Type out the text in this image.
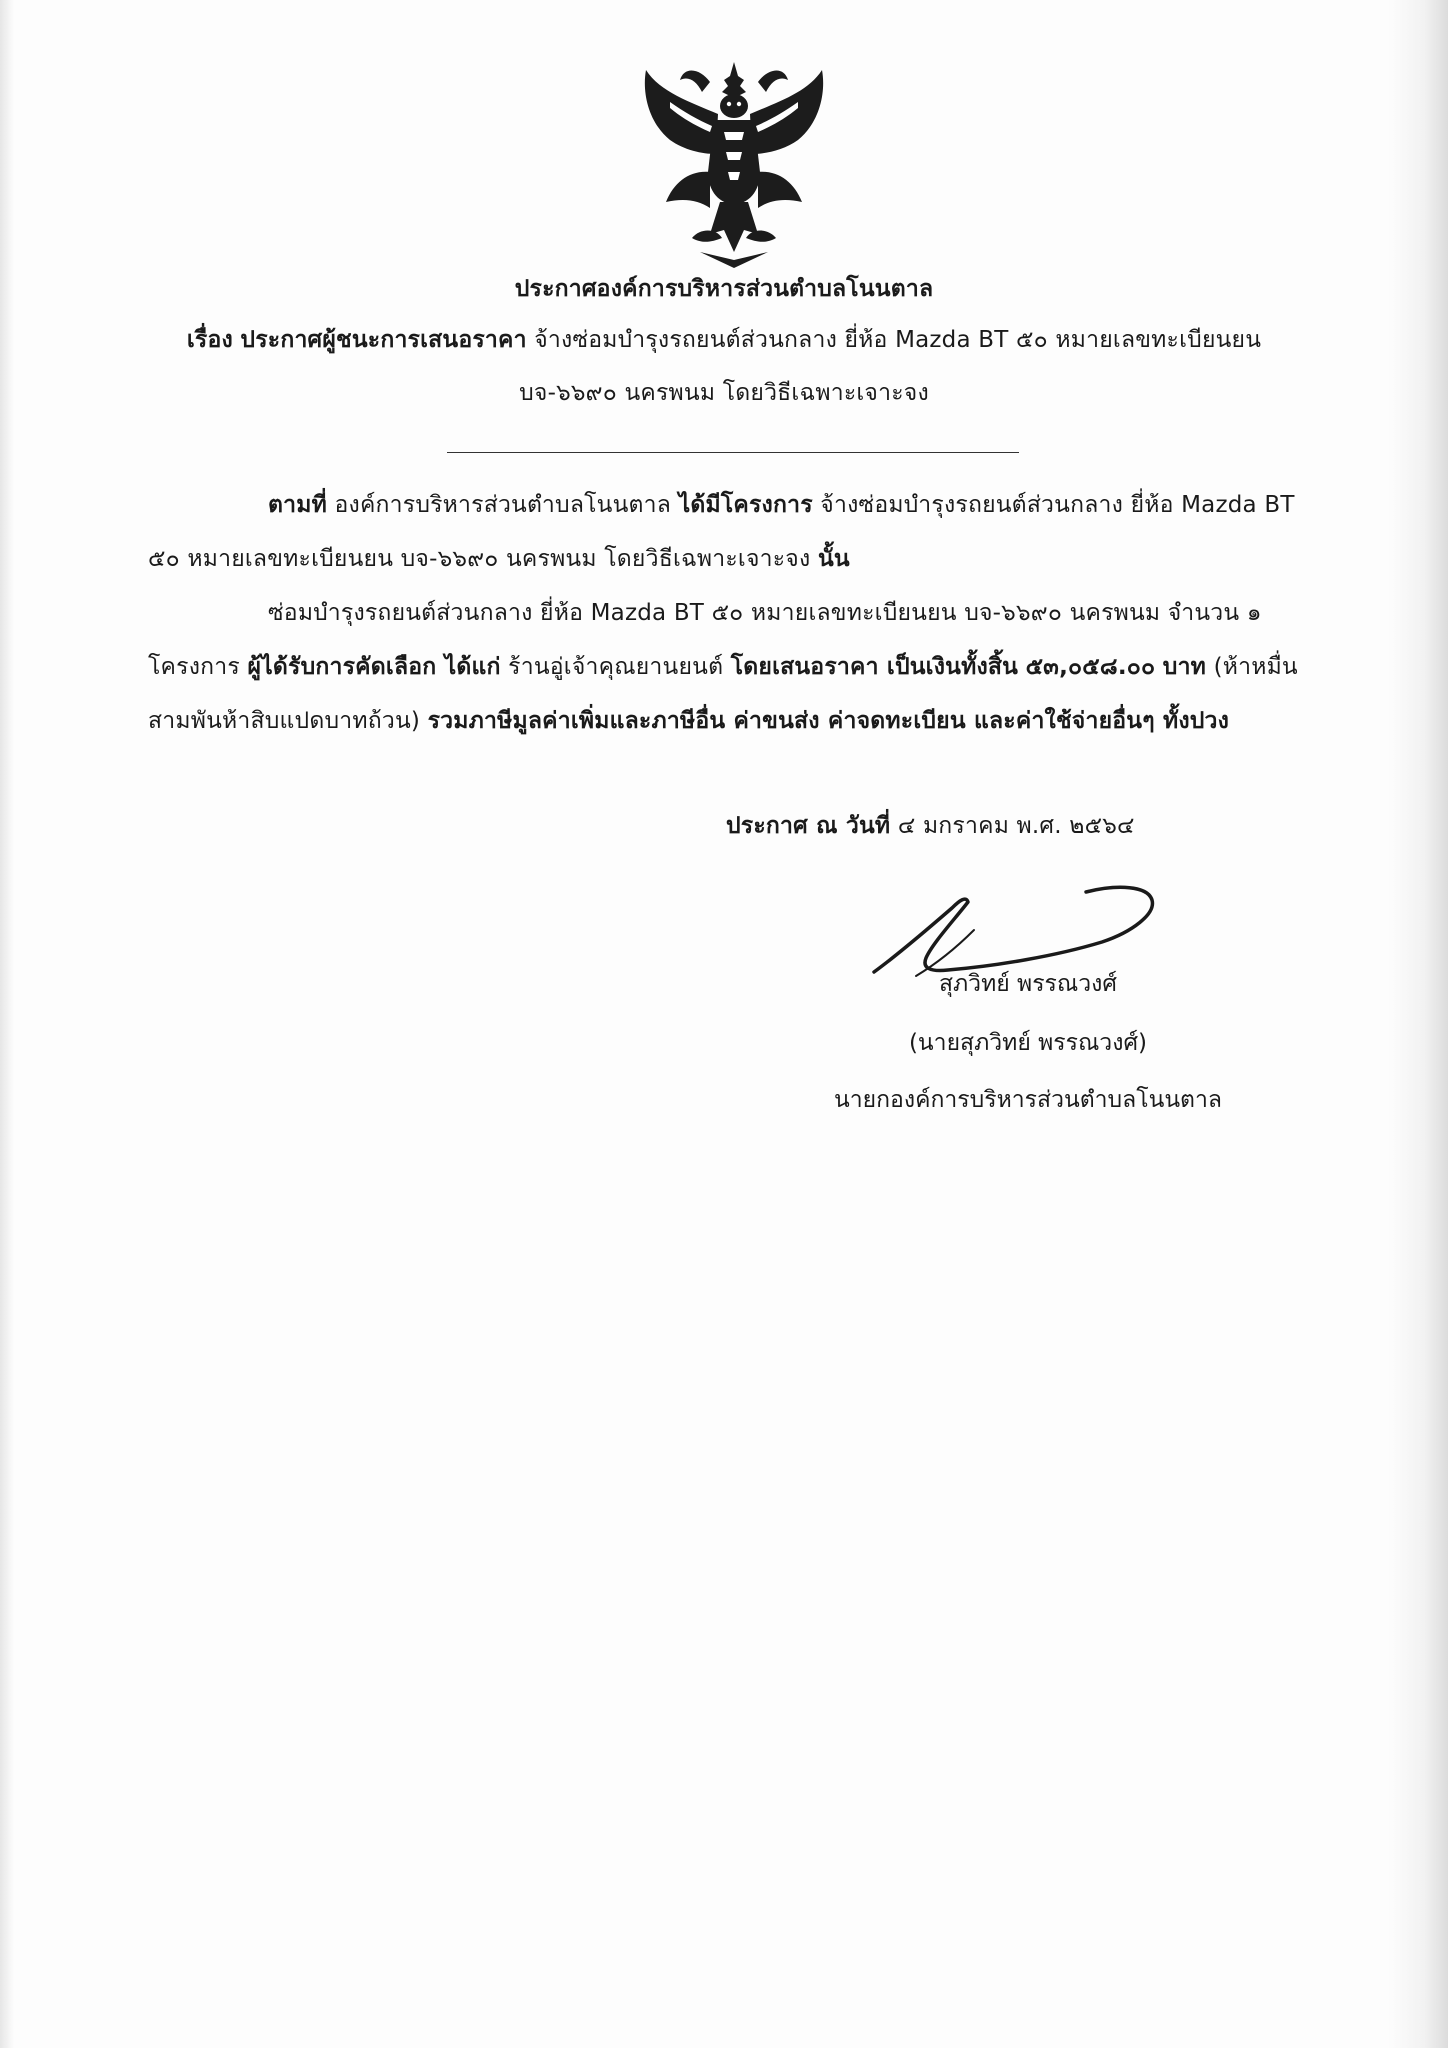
ประกาศองค์การบริหารส่วนตำบลโนนตาล
เรื่อง ประกาศผู้ชนะการเสนอราคา จ้างซ่อมบำรุงรถยนต์ส่วนกลาง ยี่ห้อ Mazda BT ๕๐ หมายเลขทะเบียนยน
บจ-๖๖๙๐ นครพนม โดยวิธีเฉพาะเจาะจง
ตามที่ องค์การบริหารส่วนตำบลโนนตาล ได้มีโครงการ จ้างซ่อมบำรุงรถยนต์ส่วนกลาง ยี่ห้อ Mazda BT
๕๐ หมายเลขทะเบียนยน บจ-๖๖๙๐ นครพนม โดยวิธีเฉพาะเจาะจง นั้น
ซ่อมบำรุงรถยนต์ส่วนกลาง ยี่ห้อ Mazda BT ๕๐ หมายเลขทะเบียนยน บจ-๖๖๙๐ นครพนม จำนวน ๑
โครงการ ผู้ได้รับการคัดเลือก ได้แก่ ร้านอู่เจ้าคุณยานยนต์ โดยเสนอราคา เป็นเงินทั้งสิ้น ๕๓,๐๕๘.๐๐ บาท (ห้าหมื่น
สามพันห้าสิบแปดบาทถ้วน) รวมภาษีมูลค่าเพิ่มและภาษีอื่น ค่าขนส่ง ค่าจดทะเบียน และค่าใช้จ่ายอื่นๆ ทั้งปวง
ประกาศ ณ วันที่ ๔ มกราคม พ.ศ. ๒๕๖๔
สุภวิทย์ พรรณวงศ์
(นายสุภวิทย์ พรรณวงศ์)
นายกองค์การบริหารส่วนตำบลโนนตาล
